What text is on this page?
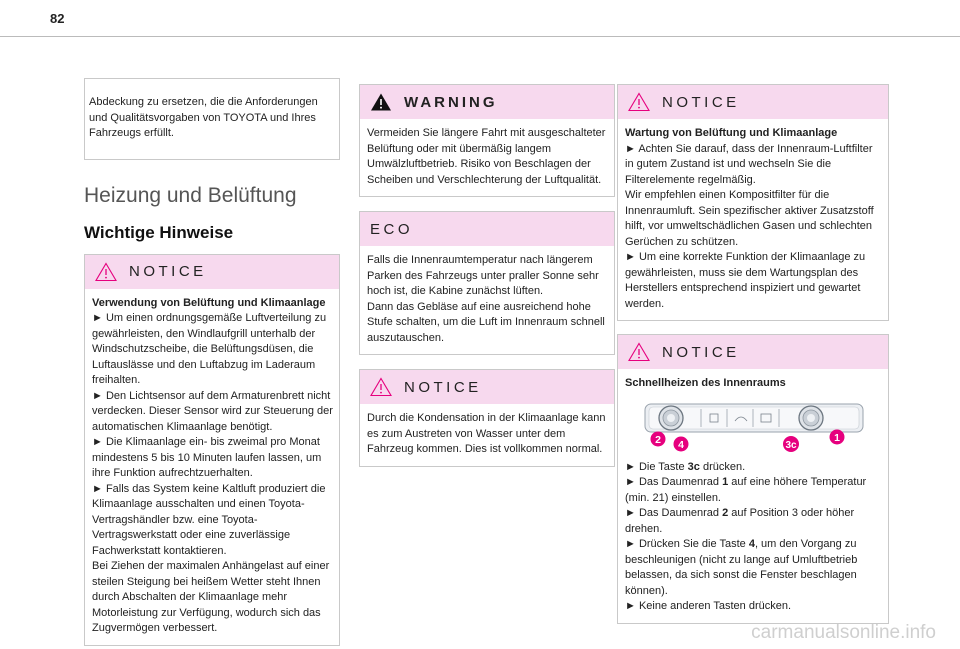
82

Abdeckung zu ersetzen, die die Anforderungen und Qualitätsvorgaben von TOYOTA und Ihres Fahrzeugs erfüllt.

Heizung und Belüftung
Wichtige Hinweise
NOTICE

Verwendung von Belüftung und Klimaanlage

► Um einen ordnungsgemäße Luftverteilung zu gewährleisten, den Windlaufgrill unterhalb der Windschutzscheibe, die Belüftungsdüsen, die Luftauslässe und den Luftabzug im Laderaum freihalten.

► Den Lichtsensor auf dem Armaturenbrett nicht verdecken. Dieser Sensor wird zur Steuerung der automatischen Klimaanlage benötigt.

► Die Klimaanlage ein- bis zweimal pro Monat mindestens 5 bis 10 Minuten laufen lassen, um ihre Funktion aufrechtzuerhalten.

► Falls das System keine Kaltluft produziert die Klimaanlage ausschalten und einen Toyota-Vertragshändler bzw. eine Toyota-Vertragswerkstatt oder eine zuverlässige Fachwerkstatt kontaktieren.

Bei Ziehen der maximalen Anhängelast auf einer steilen Steigung bei heißem Wetter steht Ihnen durch Abschalten der Klimaanlage mehr Motorleistung zur Verfügung, wodurch sich das Zugvermögen verbessert.

WARNING

Vermeiden Sie längere Fahrt mit ausgeschalteter Belüftung oder mit übermäßig langem Umwälzluftbetrieb. Risiko von Beschlagen der Scheiben und Verschlechterung der Luftqualität.

ECO

Falls die Innenraumtemperatur nach längerem Parken des Fahrzeugs unter praller Sonne sehr hoch ist, die Kabine zunächst lüften.

Dann das Gebläse auf eine ausreichend hohe Stufe schalten, um die Luft im Innenraum schnell auszutauschen.

NOTICE

Durch die Kondensation in der Klimaanlage kann es zum Austreten von Wasser unter dem Fahrzeug kommen. Dies ist vollkommen normal.

NOTICE

Wartung von Belüftung und Klimaanlage

► Achten Sie darauf, dass der Innenraum-Luftfilter in gutem Zustand ist und wechseln Sie die Filterelemente regelmäßig.

Wir empfehlen einen Kompositfilter für die Innenraumluft. Sein spezifischer aktiver Zusatzstoff hilft, vor umweltschädlichen Gasen und schlechten Gerüchen zu schützen.

► Um eine korrekte Funktion der Klimaanlage zu gewährleisten, muss sie dem Wartungsplan des Herstellers entsprechend inspiziert und gewartet werden.

NOTICE

Schnellheizen des Innenraums

2 4	3c
1

► Die Taste 3c drücken.

► Das Daumenrad 1 auf eine höhere Temperatur (min. 21) einstellen.

► Das Daumenrad 2 auf Position 3 oder höher drehen.

► Drücken Sie die Taste 4, um den Vorgang zu beschleunigen (nicht zu lange auf Umluftbetrieb belassen, da sich sonst die Fenster beschlagen können).

► Keine anderen Tasten drücken.

carmanualsonline.info
